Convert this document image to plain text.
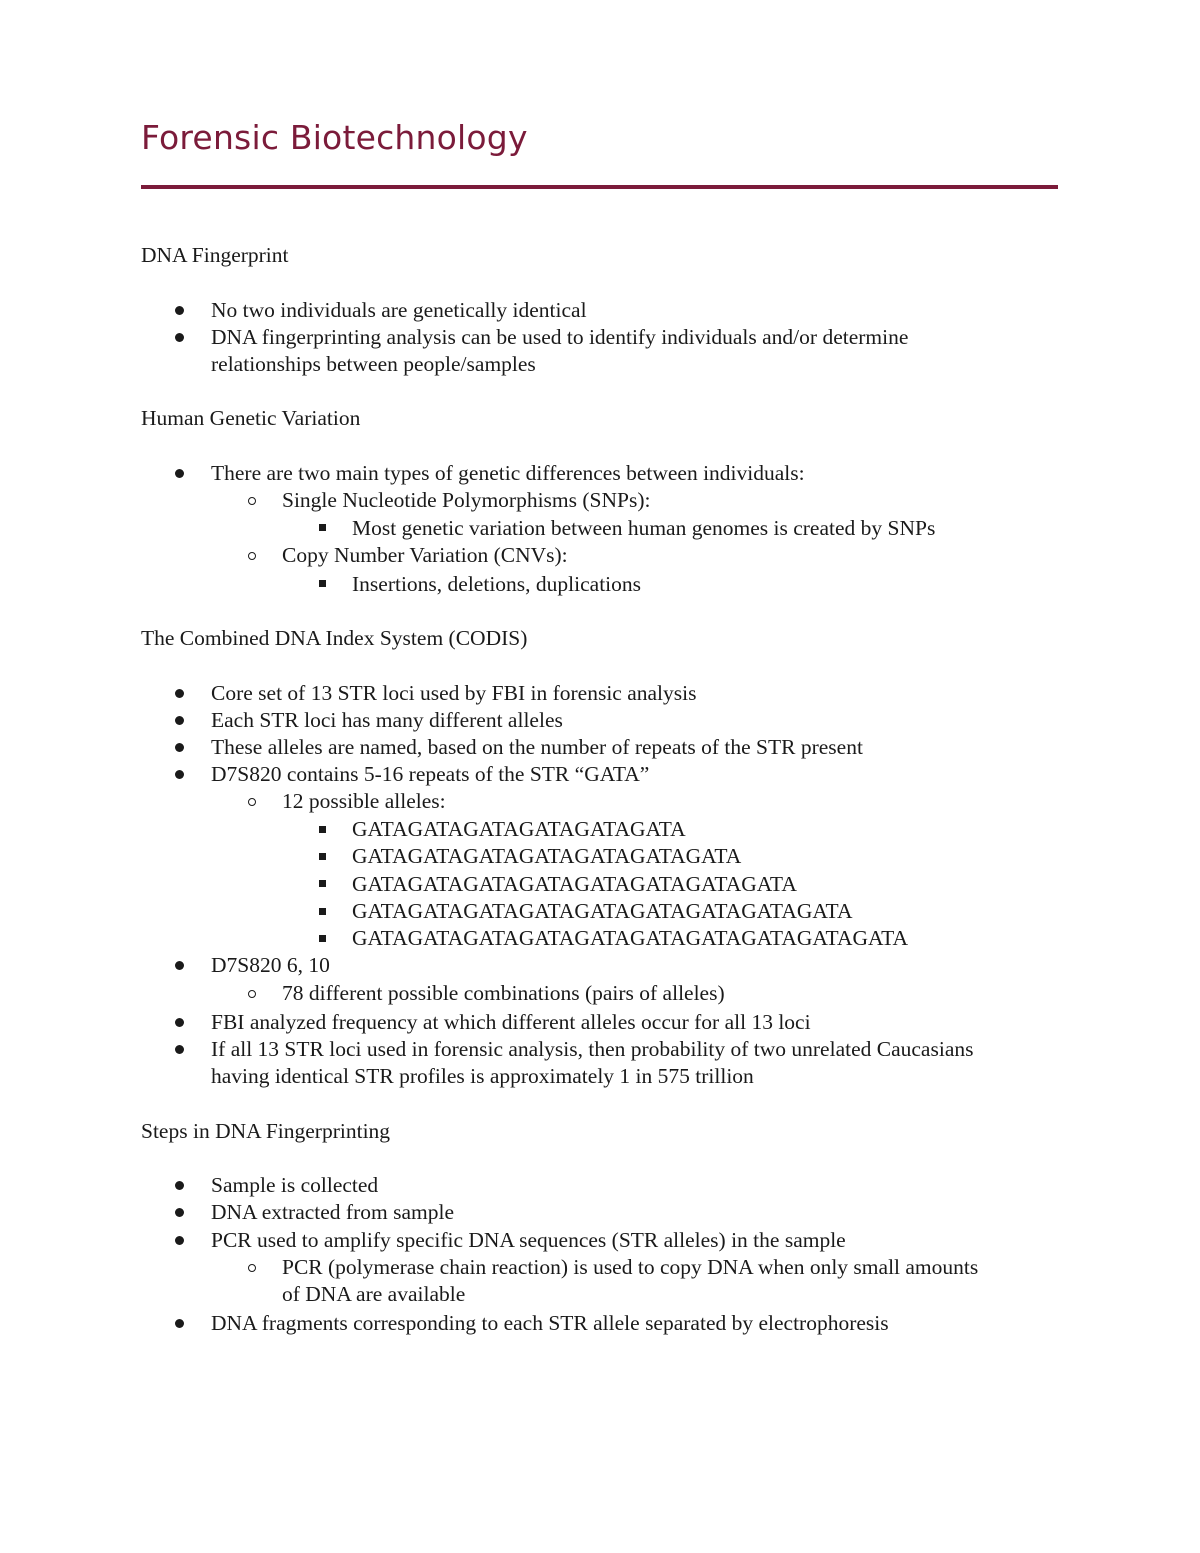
Forensic Biotechnology
DNA Fingerprint
No two individuals are genetically identical
DNA fingerprinting analysis can be used to identify individuals and/or determine
relationships between people/samples
Human Genetic Variation
There are two main types of genetic differences between individuals:
Single Nucleotide Polymorphisms (SNPs):
Most genetic variation between human genomes is created by SNPs
Copy Number Variation (CNVs):
Insertions, deletions, duplications
The Combined DNA Index System (CODIS)
Core set of 13 STR loci used by FBI in forensic analysis
Each STR loci has many different alleles
These alleles are named, based on the number of repeats of the STR present
D7S820 contains 5-16 repeats of the STR “GATA”
12 possible alleles:
GATAGATAGATAGATAGATAGATA
GATAGATAGATAGATAGATAGATAGATA
GATAGATAGATAGATAGATAGATAGATAGATA
GATAGATAGATAGATAGATAGATAGATAGATAGATA
GATAGATAGATAGATAGATAGATAGATAGATAGATAGATA
D7S820 6, 10
78 different possible combinations (pairs of alleles)
FBI analyzed frequency at which different alleles occur for all 13 loci
If all 13 STR loci used in forensic analysis, then probability of two unrelated Caucasians
having identical STR profiles is approximately 1 in 575 trillion
Steps in DNA Fingerprinting
Sample is collected
DNA extracted from sample
PCR used to amplify specific DNA sequences (STR alleles) in the sample
PCR (polymerase chain reaction) is used to copy DNA when only small amounts
of DNA are available
DNA fragments corresponding to each STR allele separated by electrophoresis
